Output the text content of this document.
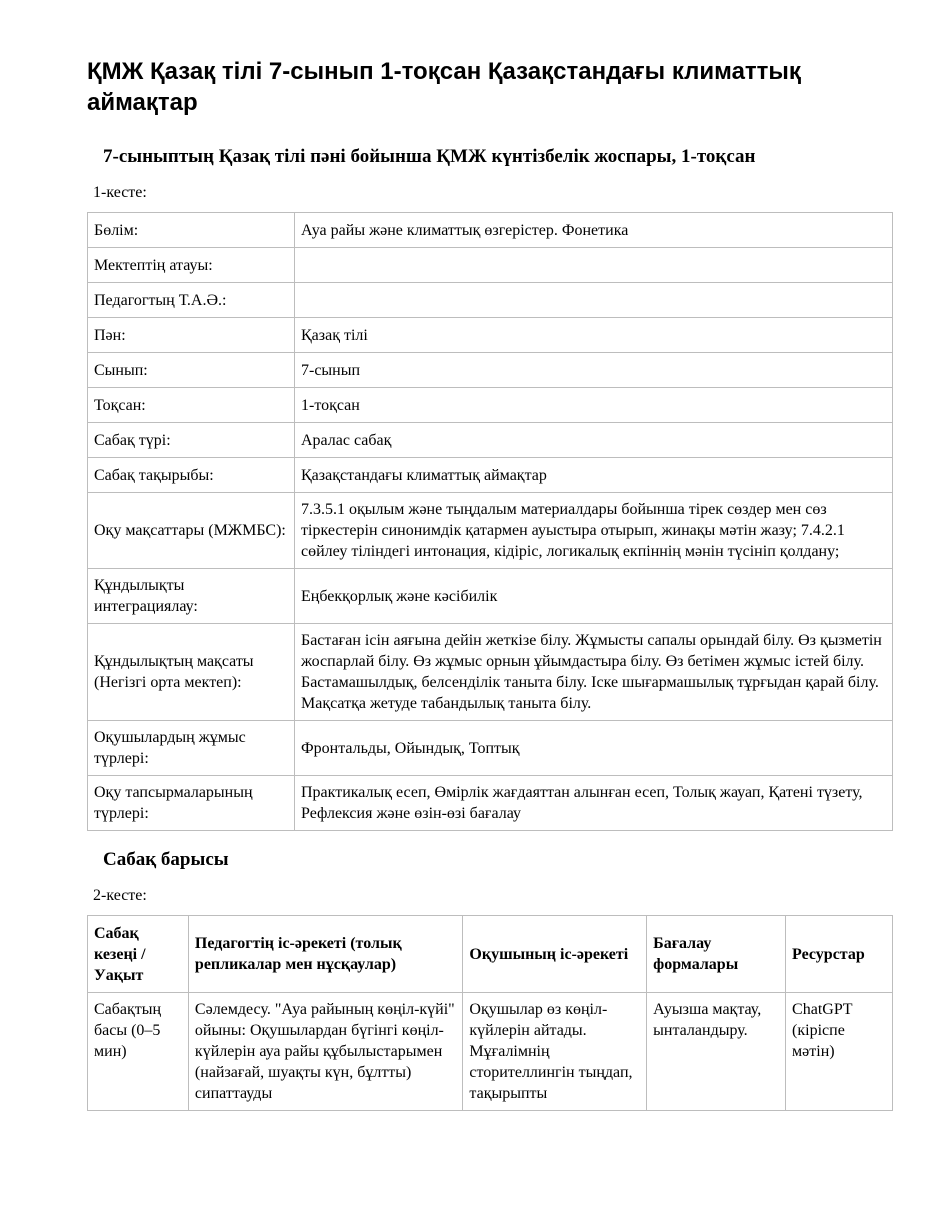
ҚМЖ Қазақ тілі 7-сынып 1-тоқсан Қазақстандағы климаттық аймақтар
7-сыныптың Қазақ тілі пәні бойынша ҚМЖ күнтізбелік жоспары, 1-тоқсан
1-кесте:
Бөлім:	Ауа райы және климаттық өзгерістер. Фонетика
Мектептің атауы:	
Педагогтың Т.А.Ә.:	
Пән:	Қазақ тілі
Сынып:	7-сынып
Тоқсан:	1-тоқсан
Сабақ түрі:	Аралас сабақ
Сабақ тақырыбы:	Қазақстандағы климаттық аймақтар
Оқу мақсаттары (МЖМБС):	7.3.5.1 оқылым және тыңдалым материалдары бойынша тірек сөздер мен сөз тіркестерін синонимдік қатармен ауыстыра отырып, жинақы мәтін жазу; 7.4.2.1 сөйлеу тіліндегі интонация, кідіріс, логикалық екпіннің мәнін түсініп қолдану;
Құндылықты интеграциялау:	Еңбекқорлық және кәсібилік
Құндылықтың мақсаты (Негізгі орта мектеп):	Бастаған ісін аяғына дейін жеткізе білу. Жұмысты сапалы орындай білу. Өз қызметін жоспарлай білу. Өз жұмыс орнын ұйымдастыра білу. Өз бетімен жұмыс істей білу. Бастамашылдық, белсенділік таныта білу. Іске шығармашылық тұрғыдан қарай білу. Мақсатқа жетуде табандылық таныта білу.
Оқушылардың жұмыс түрлері:	Фронтальды, Ойындық, Топтық
Оқу тапсырмаларының түрлері:	Практикалық есеп, Өмірлік жағдаяттан алынған есеп, Толық жауап, Қатені түзету, Рефлексия және өзін-өзі бағалау
Сабақ барысы
2-кесте:
Сабақ кезеңі / Уақыт	Педагогтің іс-әрекеті (толық репликалар мен нұсқаулар)	Оқушының іс-әрекеті	Бағалау формалары	Ресурстар
Сабақтың басы (0–5 мин)	Сәлемдесу. "Ауа райының көңіл-күйі" ойыны: Оқушылардан бүгінгі көңіл-күйлерін ауа райы құбылыстарымен (найзағай, шуақты күн, бұлтты) сипаттауды	Оқушылар өз көңіл-күйлерін айтады. Мұғалімнің сторителлингін тыңдап, тақырыпты	Ауызша мақтау, ынталандыру.	ChatGPT (кіріспе мәтін)
